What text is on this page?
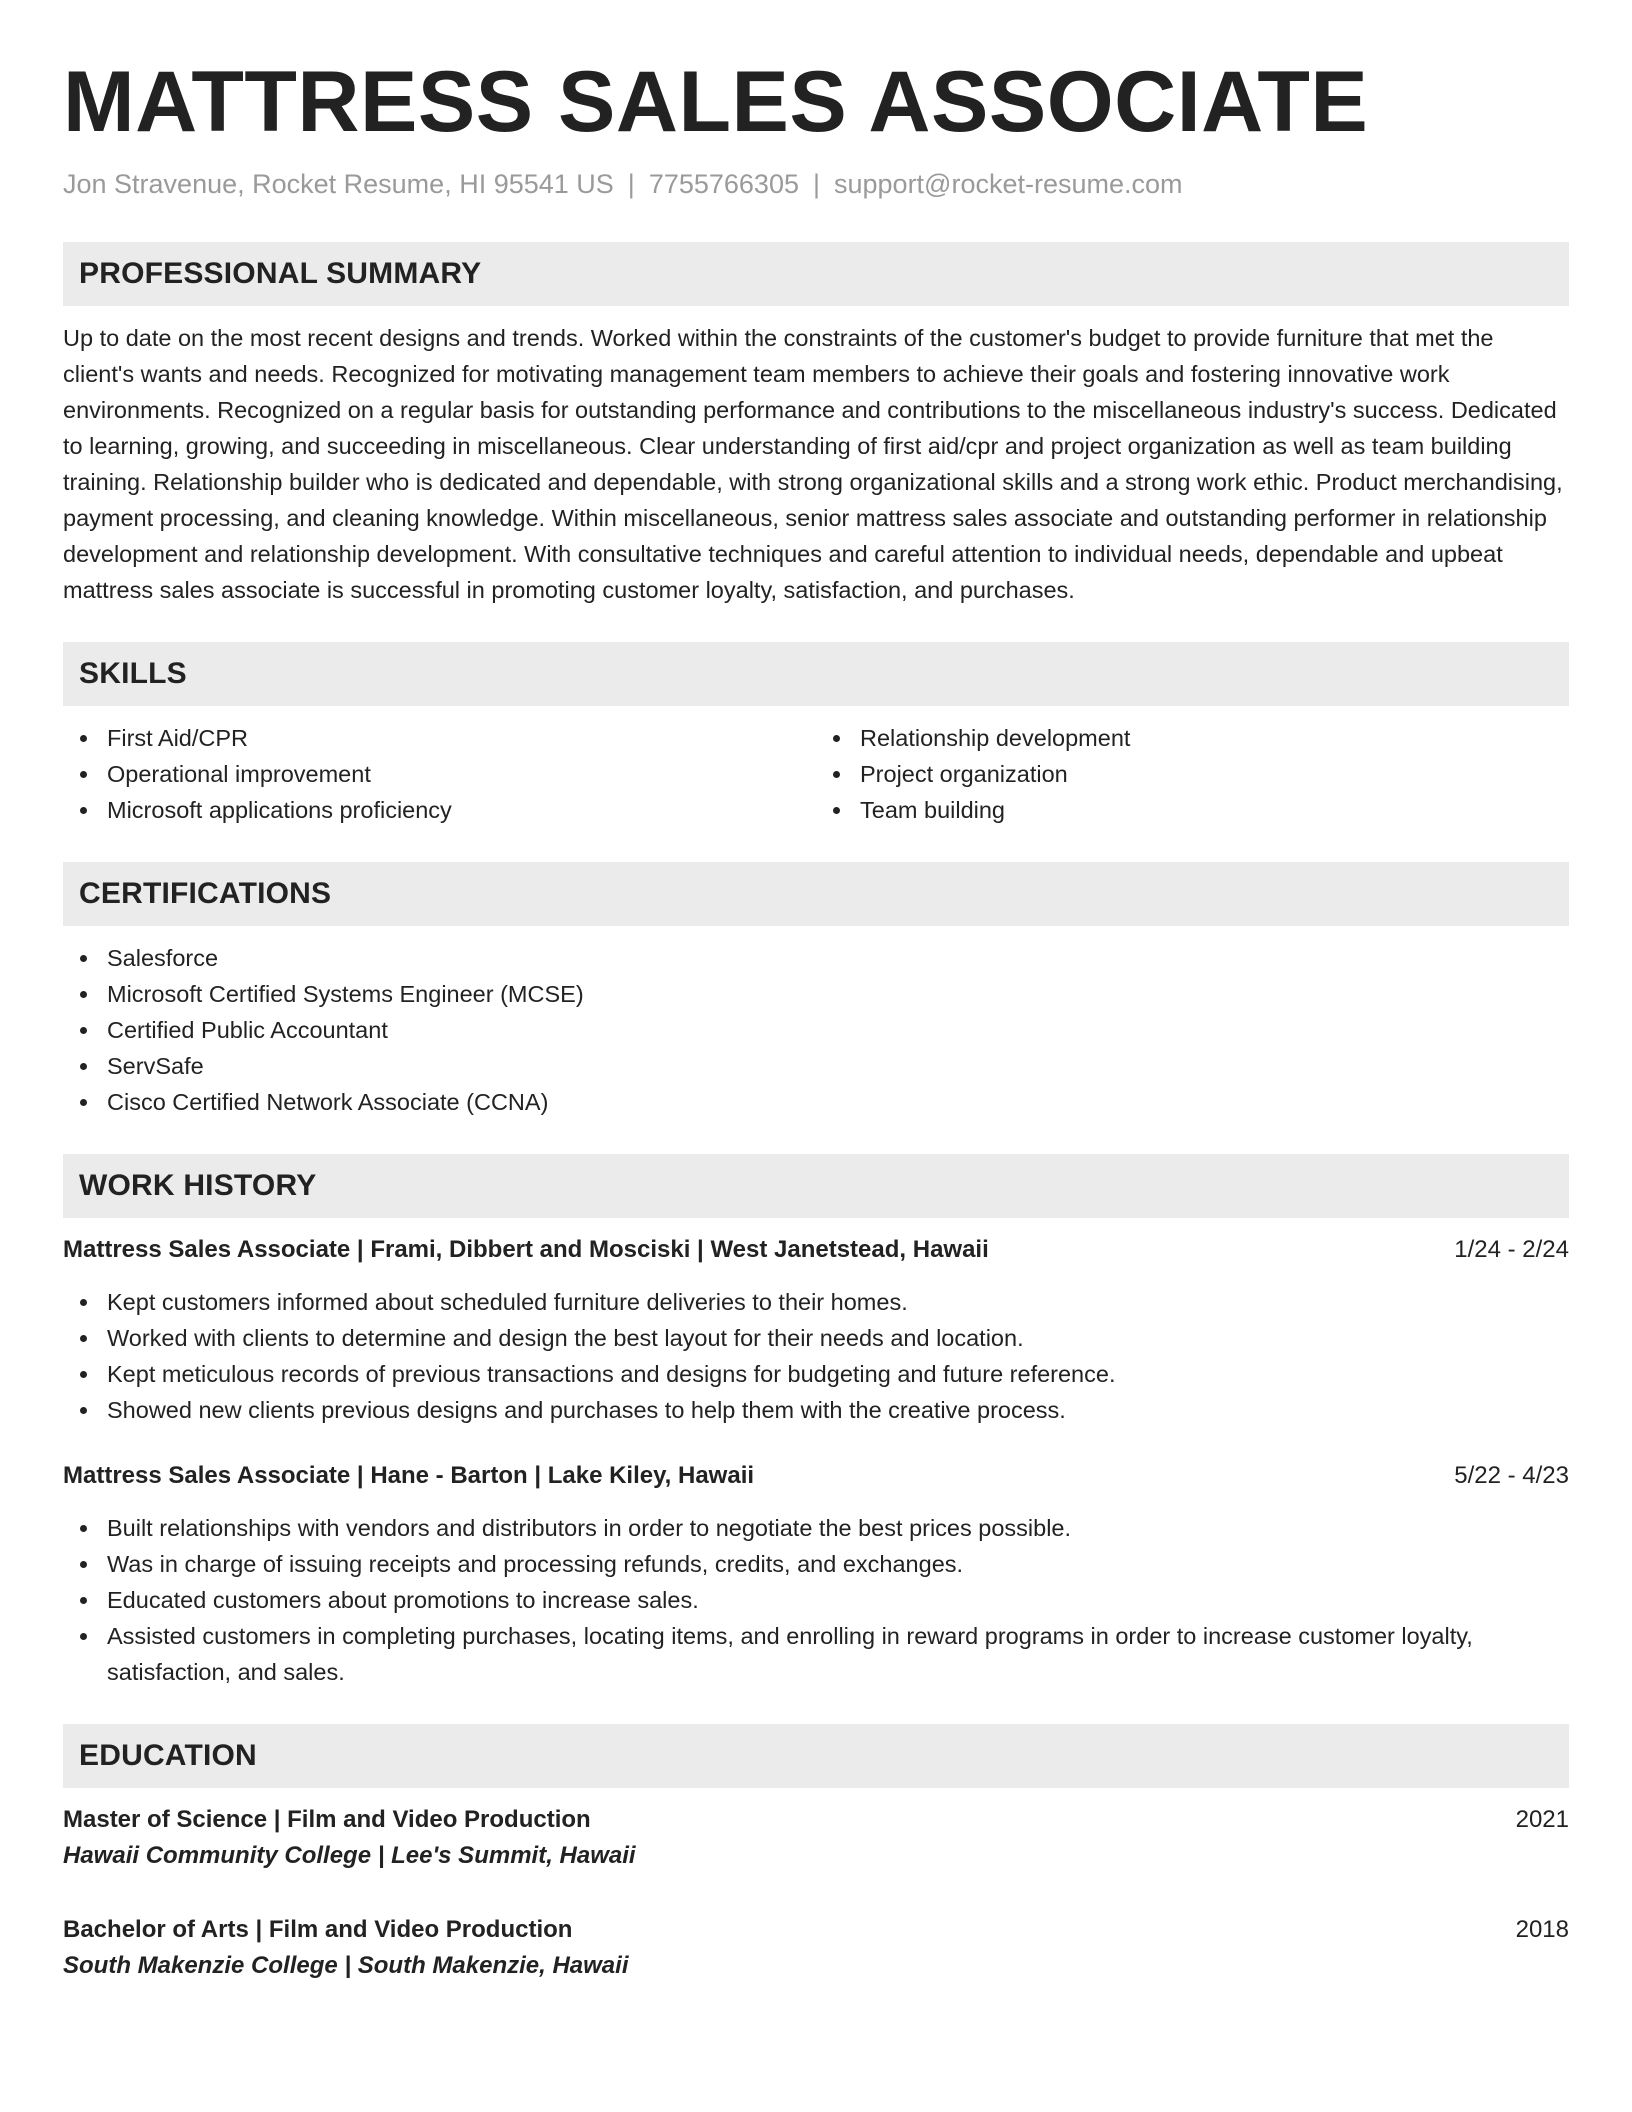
MATTRESS SALES ASSOCIATE
Jon Stravenue, Rocket Resume, HI 95541 US | 7755766305 | support@rocket-resume.com
PROFESSIONAL SUMMARY
Up to date on the most recent designs and trends. Worked within the constraints of the customer's budget to provide furniture that met the client's wants and needs. Recognized for motivating management team members to achieve their goals and fostering innovative work environments. Recognized on a regular basis for outstanding performance and contributions to the miscellaneous industry's success. Dedicated to learning, growing, and succeeding in miscellaneous. Clear understanding of first aid/cpr and project organization as well as team building training. Relationship builder who is dedicated and dependable, with strong organizational skills and a strong work ethic. Product merchandising, payment processing, and cleaning knowledge. Within miscellaneous, senior mattress sales associate and outstanding performer in relationship development and relationship development. With consultative techniques and careful attention to individual needs, dependable and upbeat mattress sales associate is successful in promoting customer loyalty, satisfaction, and purchases.
SKILLS
First Aid/CPR
Operational improvement
Microsoft applications proficiency
Relationship development
Project organization
Team building
CERTIFICATIONS
Salesforce
Microsoft Certified Systems Engineer (MCSE)
Certified Public Accountant
ServSafe
Cisco Certified Network Associate (CCNA)
WORK HISTORY
Mattress Sales Associate | Frami, Dibbert and Mosciski | West Janetstead, Hawaii	1/24 - 2/24
Kept customers informed about scheduled furniture deliveries to their homes.
Worked with clients to determine and design the best layout for their needs and location.
Kept meticulous records of previous transactions and designs for budgeting and future reference.
Showed new clients previous designs and purchases to help them with the creative process.
Mattress Sales Associate | Hane - Barton | Lake Kiley, Hawaii	5/22 - 4/23
Built relationships with vendors and distributors in order to negotiate the best prices possible.
Was in charge of issuing receipts and processing refunds, credits, and exchanges.
Educated customers about promotions to increase sales.
Assisted customers in completing purchases, locating items, and enrolling in reward programs in order to increase customer loyalty, satisfaction, and sales.
EDUCATION
Master of Science | Film and Video Production	2021
Hawaii Community College | Lee's Summit, Hawaii
Bachelor of Arts | Film and Video Production	2018
South Makenzie College | South Makenzie, Hawaii
